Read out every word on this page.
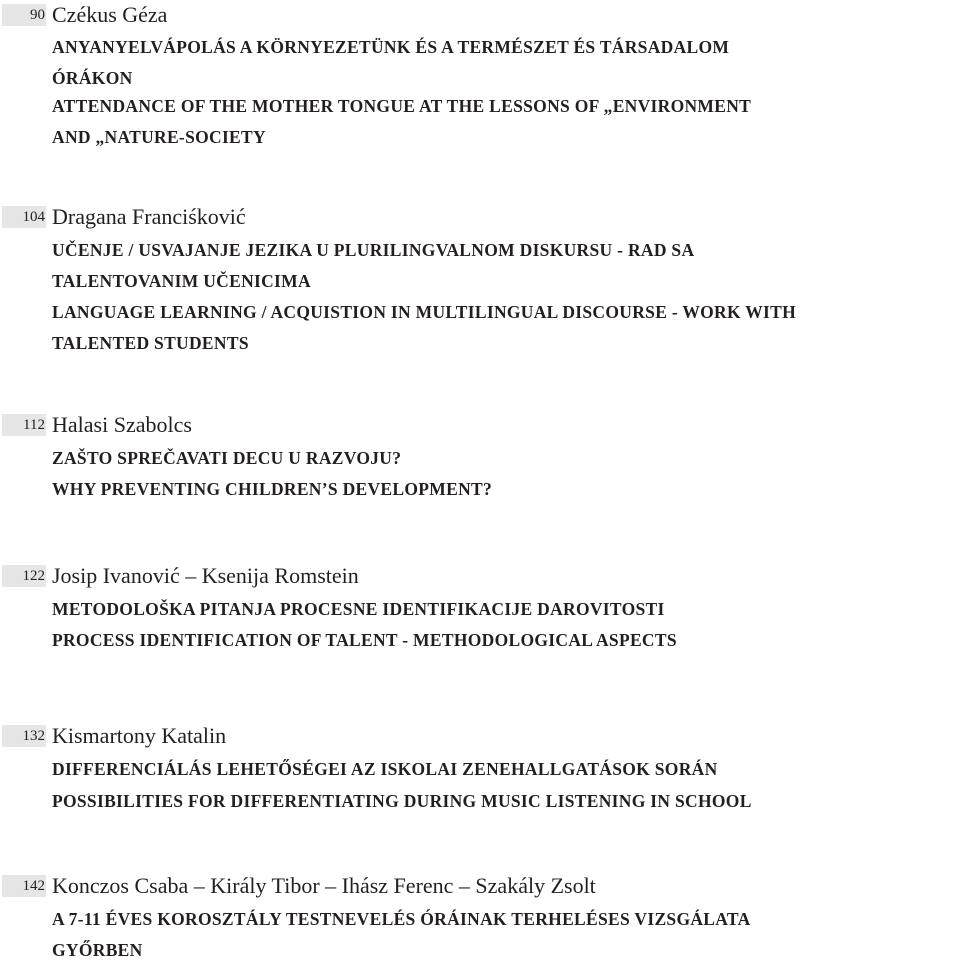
90 Czékus Géza
ANYANYELVÁPOLÁS A KÖRNYEZETÜNK ÉS A TERMÉSZET ÉS TÁRSADALOM
ÓRÁKON
ATTENDANCE OF THE MOTHER TONGUE AT THE LESSONS OF „ENVIRONMENT
AND „NATURE-SOCIETY
104 Dragana Franciśković
UČENJE / USVAJANJE JEZIKA U PLURILINGVALNOM DISKURSU - RAD SA
TALENTOVANIM UČENICIMA
LANGUAGE LEARNING / ACQUISTION IN MULTILINGUAL DISCOURSE - WORK WITH
TALENTED STUDENTS
112 Halasi Szabolcs
ZAŠTO SPREČAVATI DECU U RAZVOJU?
WHY PREVENTING CHILDREN’S DEVELOPMENT?
122 Josip Ivanović – Ksenija Romstein
METODOLOŠKA PITANJA PROCESNE IDENTIFIKACIJE DAROVITOSTI
PROCESS IDENTIFICATION OF TALENT - METHODOLOGICAL ASPECTS
132 Kismartony Katalin
DIFFERENCIÁLÁS LEHETŐSÉGEI AZ ISKOLAI ZENEHALLGATÁSOK SORÁN
POSSIBILITIES FOR DIFFERENTIATING DURING MUSIC LISTENING IN SCHOOL
142 Konczos Csaba – Király Tibor – Ihász Ferenc – Szakály Zsolt
A 7-11 ÉVES KOROSZTÁLY TESTNEVELÉS ÓRÁINAK TERHELÉSES VIZSGÁLATA
GYŐRBEN
